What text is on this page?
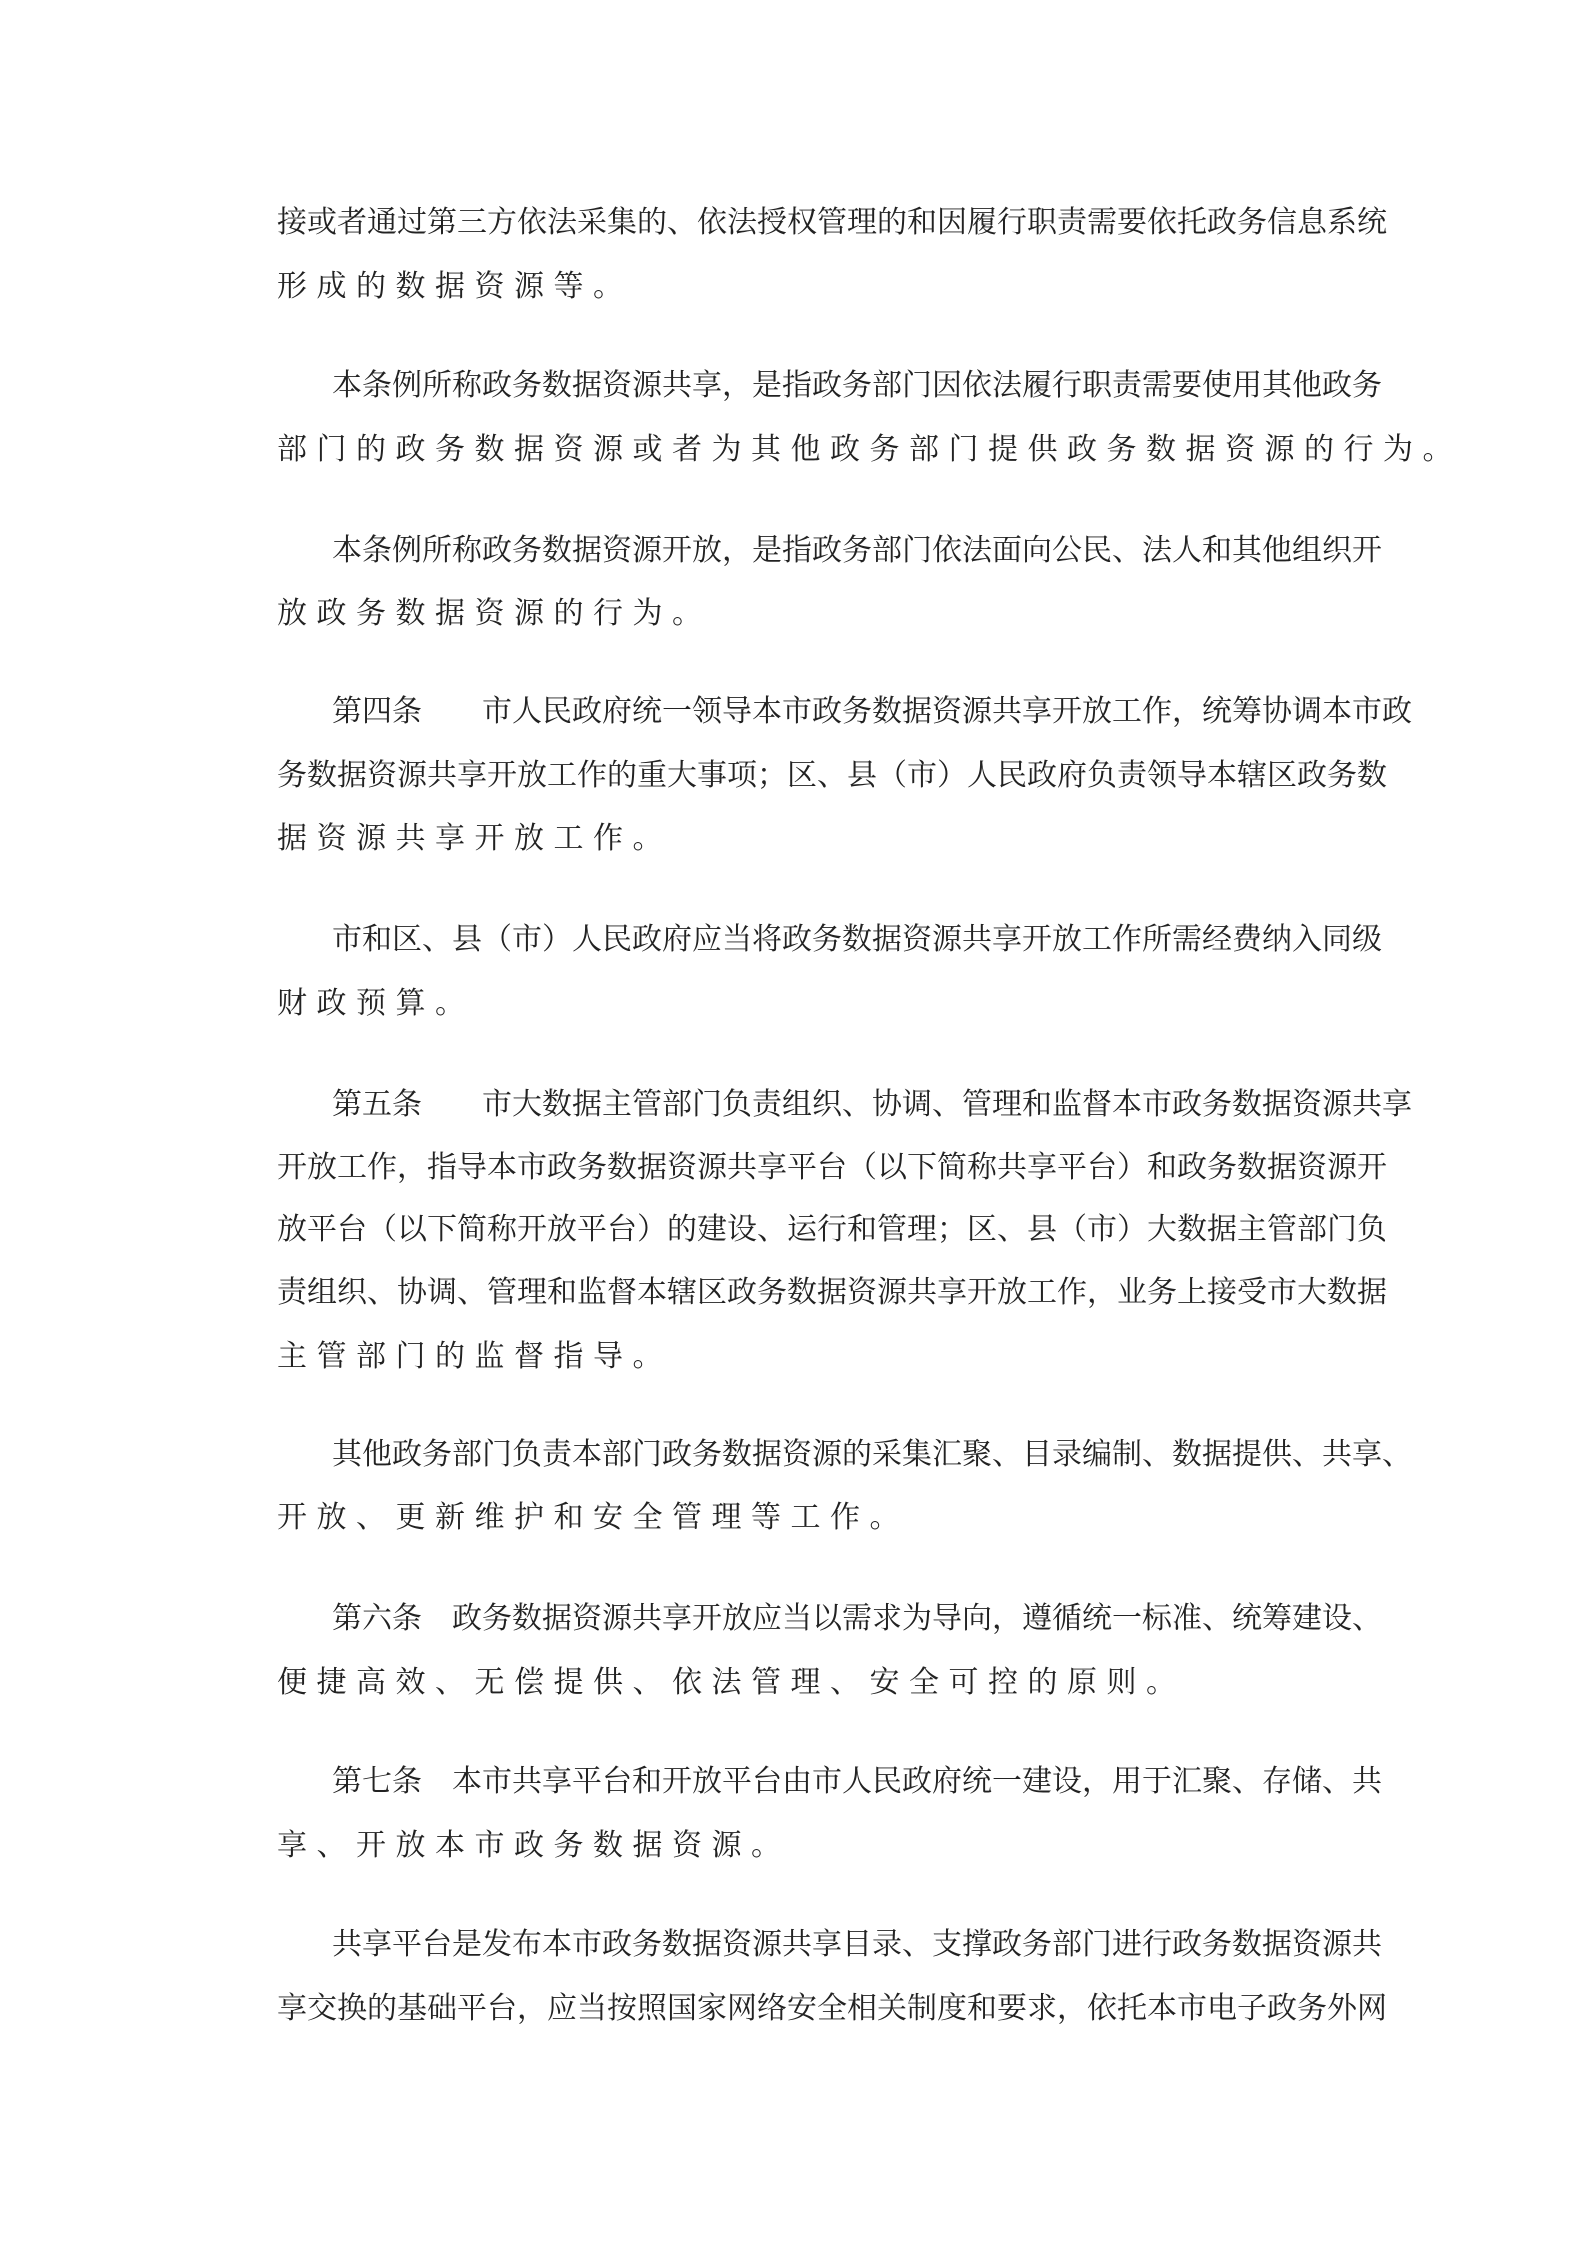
接或者通过第三方依法采集的、依法授权管理的和因履行职责需要依托政务信息系统
形成的数据资源等。
本条例所称政务数据资源共享，是指政务部门因依法履行职责需要使用其他政务
部门的政务数据资源或者为其他政务部门提供政务数据资源的行为。
本条例所称政务数据资源开放，是指政务部门依法面向公民、法人和其他组织开
放政务数据资源的行为。
第四条　　市人民政府统一领导本市政务数据资源共享开放工作，统筹协调本市政
务数据资源共享开放工作的重大事项；区、县（市）人民政府负责领导本辖区政务数
据资源共享开放工作。
市和区、县（市）人民政府应当将政务数据资源共享开放工作所需经费纳入同级
财政预算。
第五条　　市大数据主管部门负责组织、协调、管理和监督本市政务数据资源共享
开放工作，指导本市政务数据资源共享平台（以下简称共享平台）和政务数据资源开
放平台（以下简称开放平台）的建设、运行和管理；区、县（市）大数据主管部门负
责组织、协调、管理和监督本辖区政务数据资源共享开放工作，业务上接受市大数据
主管部门的监督指导。
其他政务部门负责本部门政务数据资源的采集汇聚、目录编制、数据提供、共享、
开放、更新维护和安全管理等工作。
第六条　政务数据资源共享开放应当以需求为导向，遵循统一标准、统筹建设、
便捷高效、无偿提供、依法管理、安全可控的原则。
第七条　本市共享平台和开放平台由市人民政府统一建设，用于汇聚、存储、共
享、开放本市政务数据资源。
共享平台是发布本市政务数据资源共享目录、支撑政务部门进行政务数据资源共
享交换的基础平台，应当按照国家网络安全相关制度和要求，依托本市电子政务外网
